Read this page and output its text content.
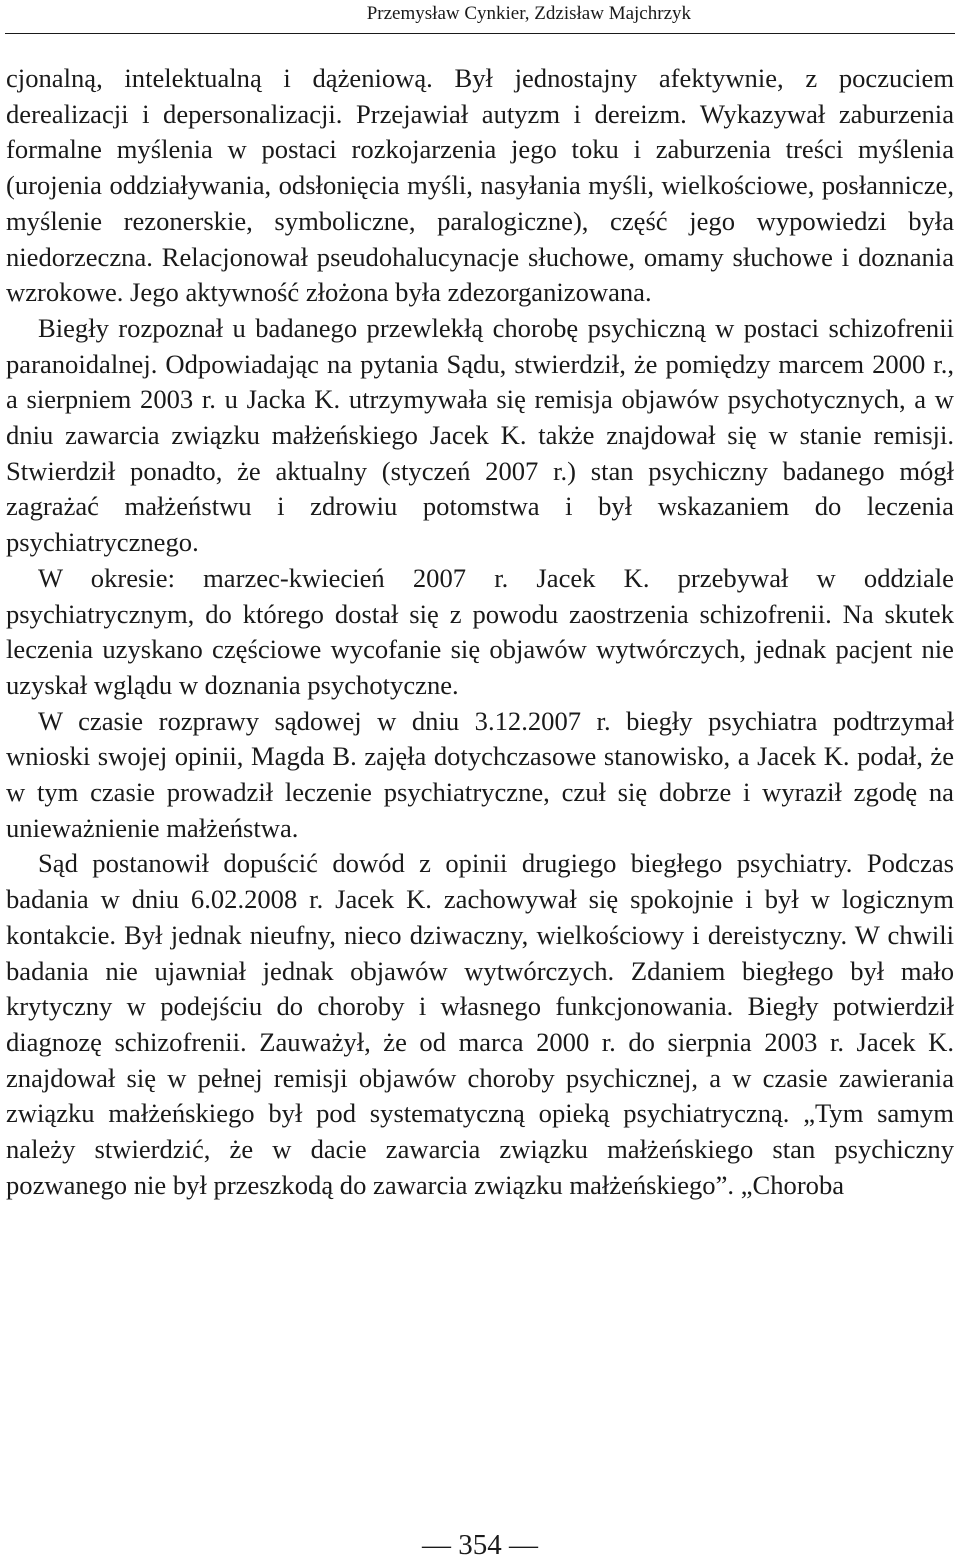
Przemysław Cynkier, Zdzisław Majchrzyk

cjonalną, intelektualną i dążeniową. Był jednostajny afektywnie, z poczuciem derealizacji i depersonalizacji. Przejawiał autyzm i dereizm. Wykazywał zaburzenia formalne myślenia w postaci rozkojarzenia jego toku i zaburzenia treści myślenia (urojenia oddziaływania, odsłonięcia myśli, nasyłania myśli, wielkościowe, posłannicze, myślenie rezonerskie, symboliczne, paralogiczne), część jego wypowiedzi była niedorzeczna. Relacjonował pseudohalucynacje słuchowe, omamy słuchowe i doznania wzrokowe. Jego aktywność złożona była zdezorganizowana.

Biegły rozpoznał u badanego przewlekłą chorobę psychiczną w postaci schizofrenii paranoidalnej. Odpowiadając na pytania Sądu, stwierdził, że pomiędzy marcem 2000 r., a sierpniem 2003 r. u Jacka K. utrzymywała się remisja objawów psychotycznych, a w dniu zawarcia związku małżeńskiego Jacek K. także znajdował się w stanie remisji. Stwierdził ponadto, że aktualny (styczeń 2007 r.) stan psychiczny badanego mógł zagrażać małżeństwu i zdrowiu potomstwa i był wskazaniem do leczenia psychiatrycznego.

W okresie: marzec-kwiecień 2007 r. Jacek K. przebywał w oddziale psychiatrycznym, do którego dostał się z powodu zaostrzenia schizofrenii. Na skutek leczenia uzyskano częściowe wycofanie się objawów wytwórczych, jednak pacjent nie uzyskał wglądu w doznania psychotyczne.

W czasie rozprawy sądowej w dniu 3.12.2007 r. biegły psychiatra podtrzymał wnioski swojej opinii, Magda B. zajęła dotychczasowe stanowisko, a Jacek K. podał, że w tym czasie prowadził leczenie psychiatryczne, czuł się dobrze i wyraził zgodę na unieważnienie małżeństwa.

Sąd postanowił dopuścić dowód z opinii drugiego biegłego psychiatry. Podczas badania w dniu 6.02.2008 r. Jacek K. zachowywał się spokojnie i był w logicznym kontakcie. Był jednak nieufny, nieco dziwaczny, wielkościowy i dereistyczny. W chwili badania nie ujawniał jednak objawów wytwórczych. Zdaniem biegłego był mało krytyczny w podejściu do choroby i własnego funkcjonowania. Biegły potwierdził diagnozę schizofrenii. Zauważył, że od marca 2000 r. do sierpnia 2003 r. Jacek K. znajdował się w pełnej remisji objawów choroby psychicznej, a w czasie zawierania związku małżeńskiego był pod systematyczną opieką psychiatryczną. „Tym samym należy stwierdzić, że w dacie zawarcia związku małżeńskiego stan psychiczny pozwanego nie był przeszkodą do zawarcia związku małżeńskiego”. „Choroba

— 354 —
